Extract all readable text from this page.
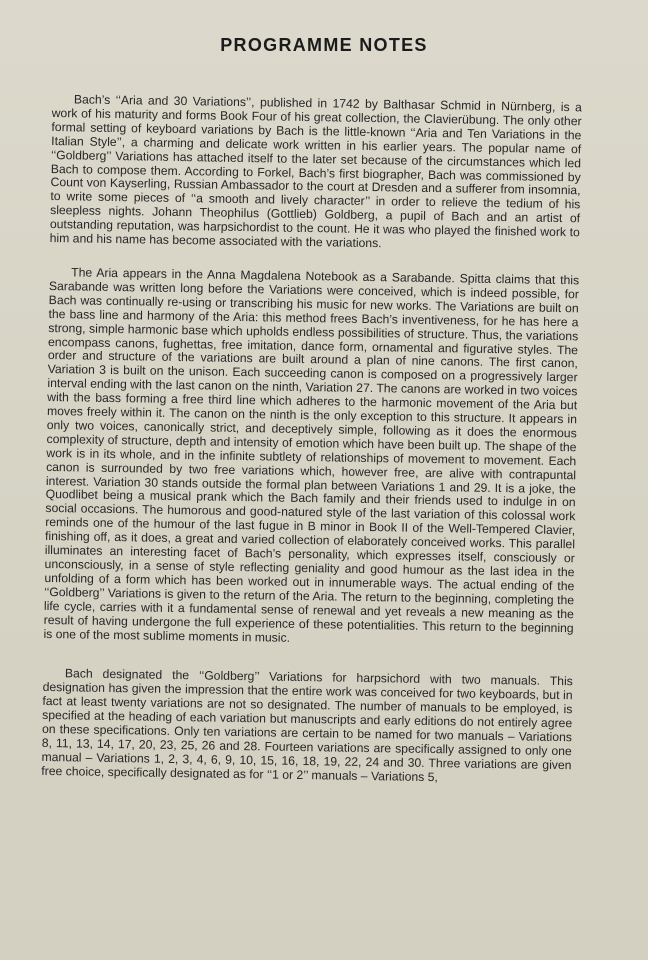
PROGRAMME NOTES

Bach’s ‘‘Aria and 30 Variations’’, published in 1742 by Balthasar Schmid in Nürnberg, is a work of his maturity and forms Book Four of his great collection, the Clavierübung. The only other formal setting of keyboard variations by Bach is the little-known ‘‘Aria and Ten Variations in the Italian Style’’, a charming and delicate work written in his earlier years. The popular name of ‘‘Goldberg’’ Variations has attached itself to the later set because of the circumstances which led Bach to compose them. According to Forkel, Bach’s first biographer, Bach was commissioned by Count von Kayserling, Russian Ambassador to the court at Dresden and a sufferer from insomnia, to write some pieces of ‘‘a smooth and lively character’’ in order to relieve the tedium of his sleepless nights. Johann Theophilus (Gottlieb) Goldberg, a pupil of Bach and an artist of outstanding reputation, was harpsichordist to the count. He it was who played the finished work to him and his name has become associated with the variations.

The Aria appears in the Anna Magdalena Notebook as a Sarabande. Spitta claims that this Sarabande was written long before the Variations were conceived, which is indeed possible, for Bach was continually re-using or transcribing his music for new works. The Variations are built on the bass line and harmony of the Aria: this method frees Bach’s inventiveness, for he has here a strong, simple harmonic base which upholds endless possibilities of structure. Thus, the variations encompass canons, fughettas, free imitation, dance form, ornamental and figurative styles. The order and structure of the variations are built around a plan of nine canons. The first canon, Variation 3 is built on the unison. Each succeeding canon is composed on a progressively larger interval ending with the last canon on the ninth, Variation 27. The canons are worked in two voices with the bass forming a free third line which adheres to the harmonic movement of the Aria but moves freely within it. The canon on the ninth is the only exception to this structure. It appears in only two voices, canonically strict, and deceptively simple, following as it does the enormous complexity of structure, depth and intensity of emotion which have been built up. The shape of the work is in its whole, and in the infinite subtlety of relationships of movement to movement. Each canon is surrounded by two free variations which, however free, are alive with contrapuntal interest. Variation 30 stands outside the formal plan between Variations 1 and 29. It is a joke, the Quodlibet being a musical prank which the Bach family and their friends used to indulge in on social occasions. The humorous and good-natured style of the last variation of this colossal work reminds one of the humour of the last fugue in B minor in Book II of the Well-Tempered Clavier, finishing off, as it does, a great and varied collection of elaborately conceived works. This parallel illuminates an interesting facet of Bach’s personality, which expresses itself, consciously or unconsciously, in a sense of style reflecting geniality and good humour as the last idea in the unfolding of a form which has been worked out in innumerable ways. The actual ending of the ‘‘Goldberg’’ Variations is given to the return of the Aria. The return to the beginning, completing the life cycle, carries with it a fundamental sense of renewal and yet reveals a new meaning as the result of having undergone the full experience of these potentialities. This return to the beginning is one of the most sublime moments in music.

Bach designated the ‘‘Goldberg’’ Variations for harpsichord with two manuals. This designation has given the impression that the entire work was conceived for two keyboards, but in fact at least twenty variations are not so designated. The number of manuals to be employed, is specified at the heading of each variation but manuscripts and early editions do not entirely agree on these specifications. Only ten variations are certain to be named for two manuals – Variations 8, 11, 13, 14, 17, 20, 23, 25, 26 and 28. Fourteen variations are specifically assigned to only one manual – Variations 1, 2, 3, 4, 6, 9, 10, 15, 16, 18, 19, 22, 24 and 30. Three variations are given free choice, specifically designated as for ‘‘1 or 2’’ manuals – Variations 5,
